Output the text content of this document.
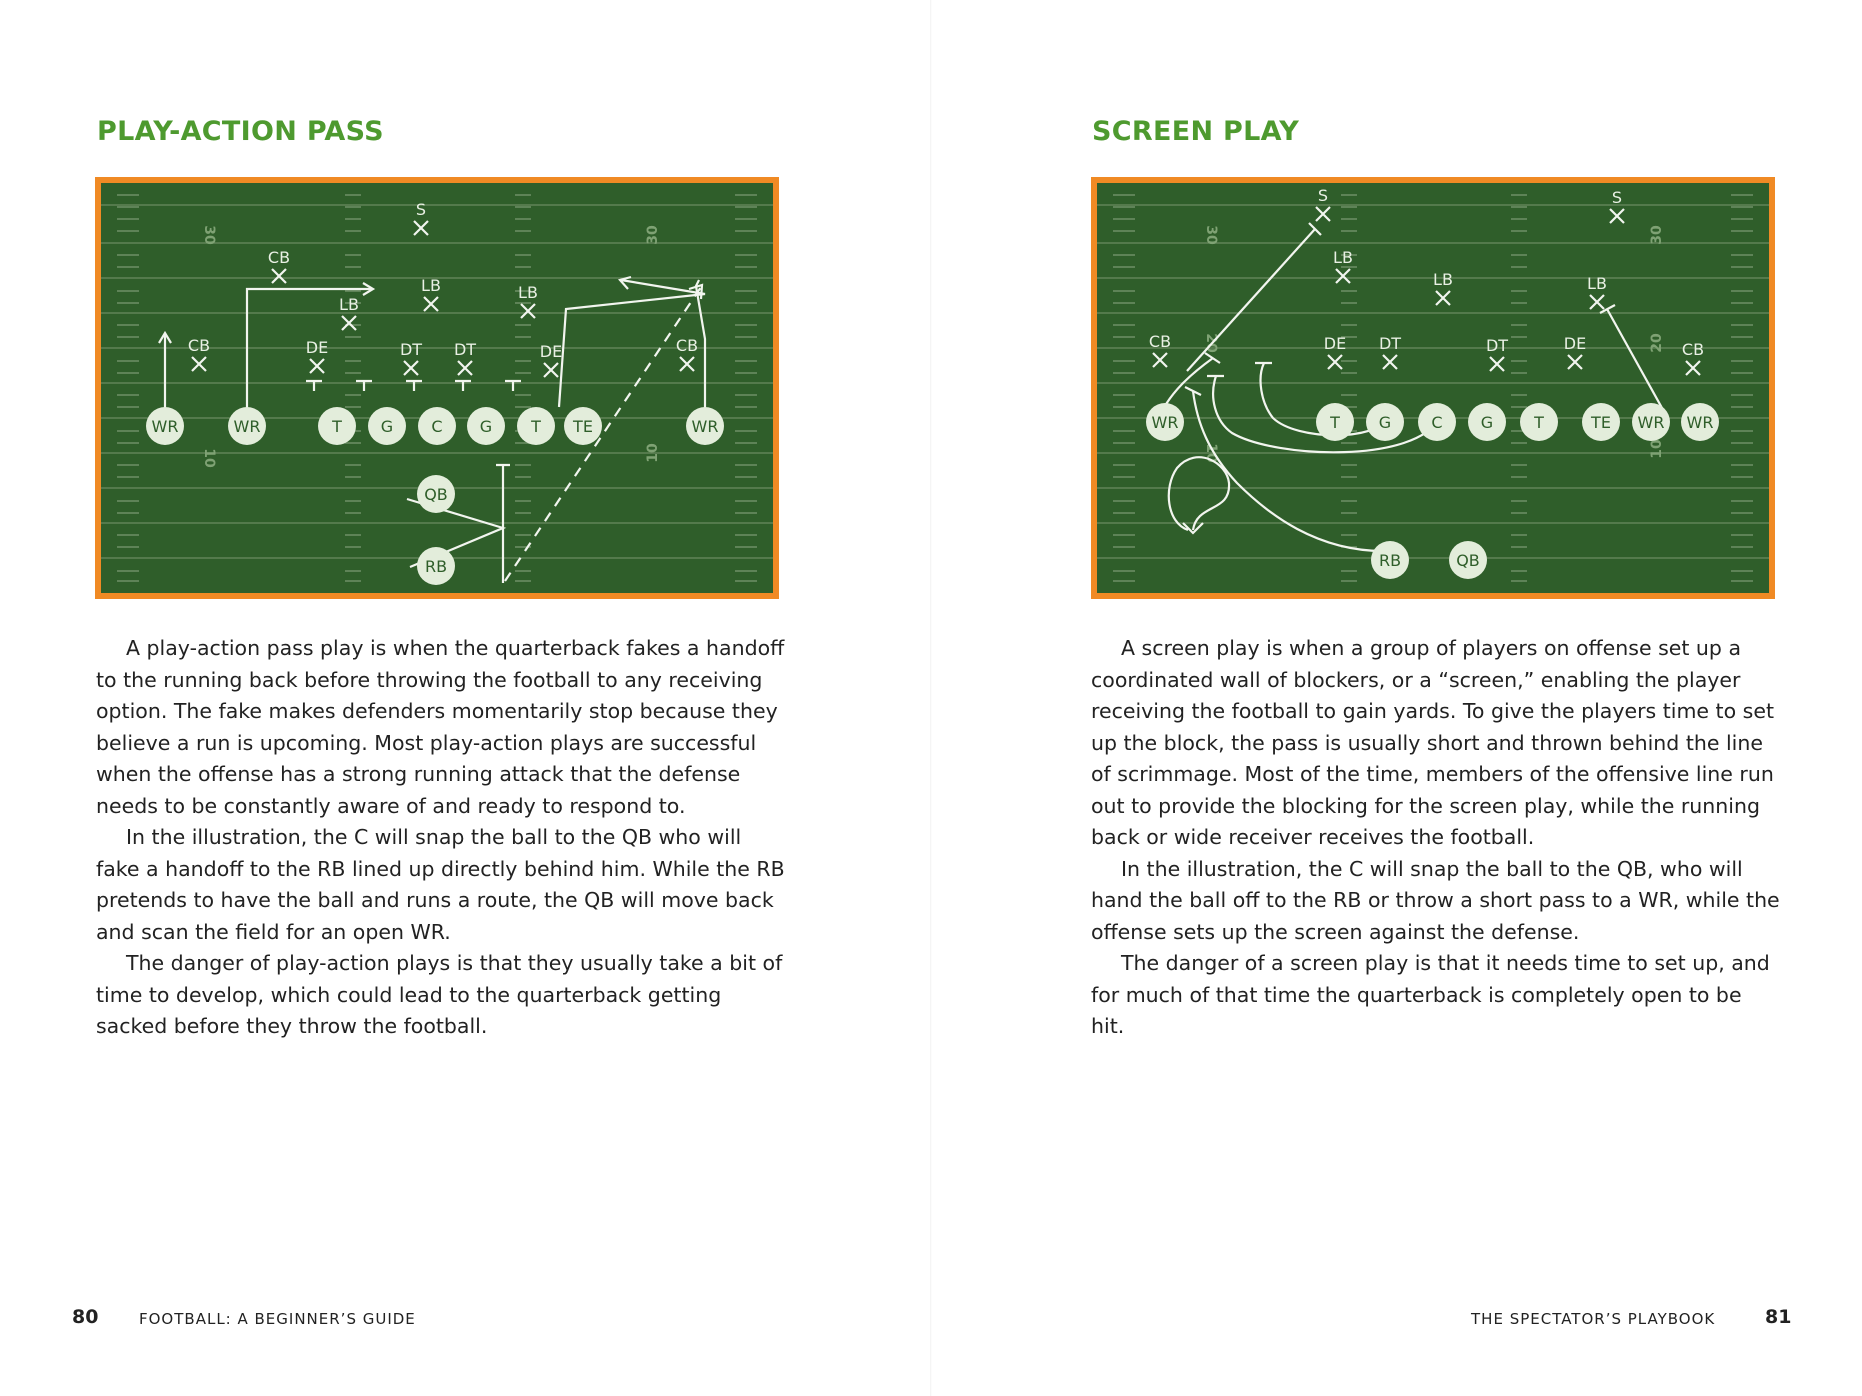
PLAY-ACTION PASS
30
10
30
10
S
CB
LB
LB
LB
CB	DE	DT DT	DE	CB
WR	WR	T G C G T TE	WR
QB
RB

A play-action pass play is when the quarterback fakes a handoff to the running back before throwing the football to any receiving option. The fake makes defenders momentarily stop because they believe a run is upcoming. Most play-action plays are successful when the offense has a strong running attack that the defense needs to be constantly aware of and ready to respond to.

In the illustration, the C will snap the ball to the QB who will fake a handoff to the RB lined up directly behind him. While the RB pretends to have the ball and runs a route, the QB will move back and scan the field for an open WR.

The danger of play-action plays is that they usually take a bit of time to develop, which could lead to the quarterback getting sacked before they throw the football.

80	FOOTBALL: A BEGINNER’S GUIDE
SCREEN PLAY
30
20
10
30
20
10
S	S
LB
LB	LB
CB	DE DT	DT	DE	CB
WR	T G	C G	T	TE WR WR
RB	QB

A screen play is when a group of players on offense set up a coordinated wall of blockers, or a “screen,” enabling the player receiving the football to gain yards. To give the players time to set up the block, the pass is usually short and thrown behind the line of scrimmage. Most of the time, members of the offensive line run out to provide the blocking for the screen play, while the running back or wide receiver receives the football.

In the illustration, the C will snap the ball to the QB, who will hand the ball off to the RB or throw a short pass to a WR, while the offense sets up the screen against the defense.

The danger of a screen play is that it needs time to set up, and for much of that time the quarterback is completely open to be hit.

THE SPECTATOR’S PLAYBOOK	81
